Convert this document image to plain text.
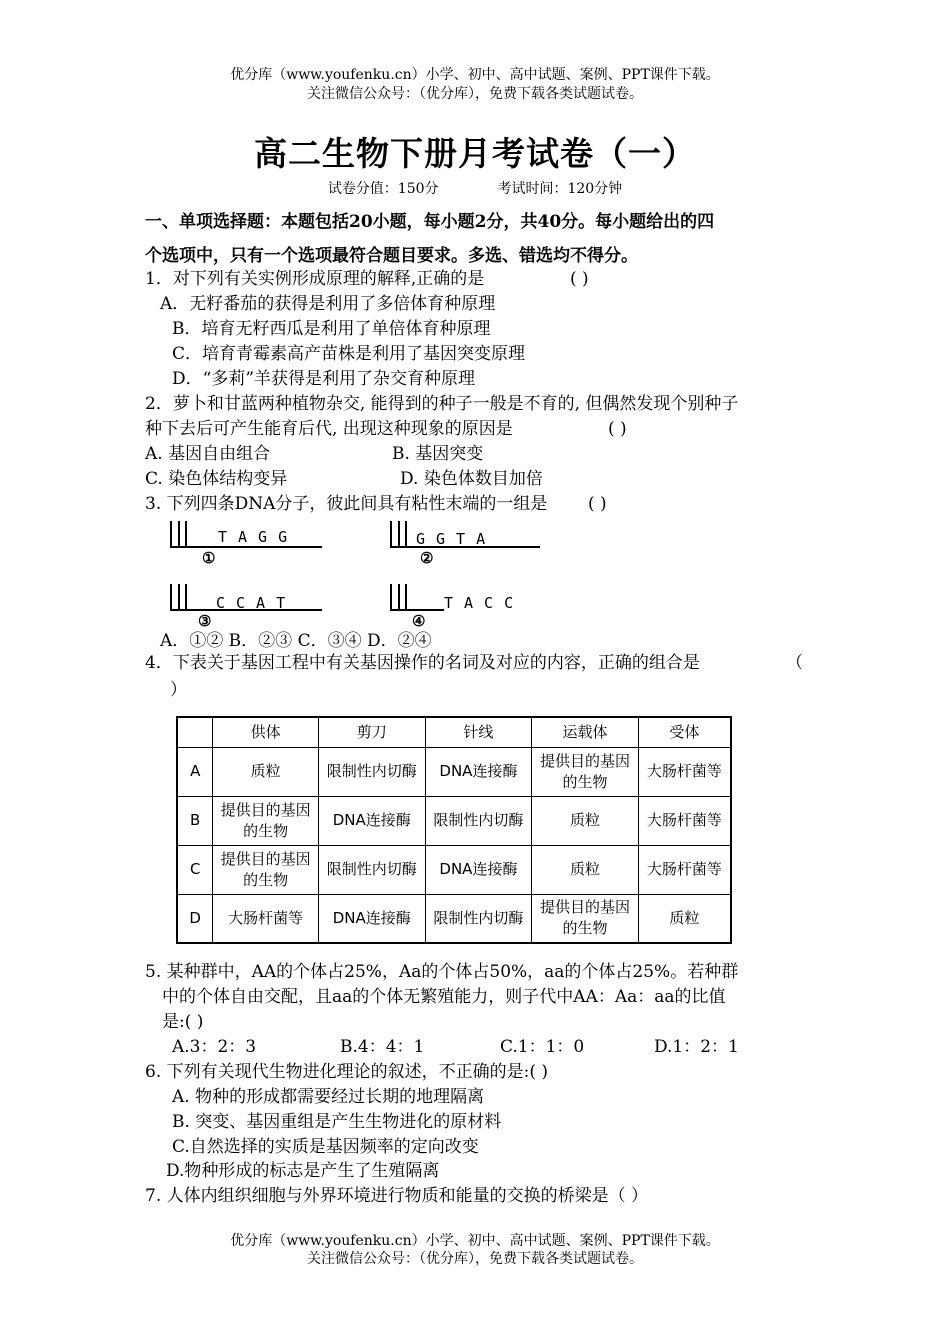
优分库（www.youfenku.cn）小学、初中、高中试题、案例、PPT课件下载。
关注微信公众号：（优分库），免费下载各类试题试卷。
高二生物下册月考试卷（一）
试卷分值：150分	考试时间：120分钟
一、单项选择题：本题包括20小题，每小题2分，共40分。每小题给出的四
个选项中，只有一个选项最符合题目要求。多选、错选均不得分。
1．对下列有关实例形成原理的解释,正确的是	( )
A．无籽番茄的获得是利用了多倍体育种原理
B．培育无籽西瓜是利用了单倍体育种原理
C．培育青霉素高产苗株是利用了基因突变原理
D．“多莉”羊获得是利用了杂交育种原理
2．萝卜和甘蓝两种植物杂交, 能得到的种子一般是不育的, 但偶然发现个别种子
种下去后可产生能育后代, 出现这种现象的原因是	( )
A. 基因自由组合	B. 基因突变
C. 染色体结构变异	D. 染色体数目加倍
3. 下列四条DNA分子，彼此间具有粘性末端的一组是 ( )
TAGG
①
GGTA
②
CCAT
③
TACC
④
A．①② B．②③ C．③④ D．②④
4．下表关于基因工程中有关基因操作的名词及对应的内容，正确的组合是	（
）
	供体	剪刀	针线	运载体	受体
A	质粒	限制性内切酶	DNA连接酶	提供目的基因的生物	大肠杆菌等
B	提供目的基因的生物	DNA连接酶	限制性内切酶	质粒	大肠杆菌等
C	提供目的基因的生物	限制性内切酶	DNA连接酶	质粒	大肠杆菌等
D	大肠杆菌等	DNA连接酶	限制性内切酶	提供目的基因的生物	质粒
5. 某种群中，AA的个体占25%，Aa的个体占50%，aa的个体占25%。若种群
中的个体自由交配，且aa的个体无繁殖能力，则子代中AA：Aa：aa的比值
是:( )
A.3：2：3	B.4：4：1	C.1：1：0	D.1：2：1
6. 下列有关现代生物进化理论的叙述，不正确的是:( )
A. 物种的形成都需要经过长期的地理隔离
B. 突变、基因重组是产生生物进化的原材料
C.自然选择的实质是基因频率的定向改变
D.物种形成的标志是产生了生殖隔离
7. 人体内组织细胞与外界环境进行物质和能量的交换的桥梁是（ ）
优分库（www.youfenku.cn）小学、初中、高中试题、案例、PPT课件下载。
关注微信公众号：（优分库），免费下载各类试题试卷。
